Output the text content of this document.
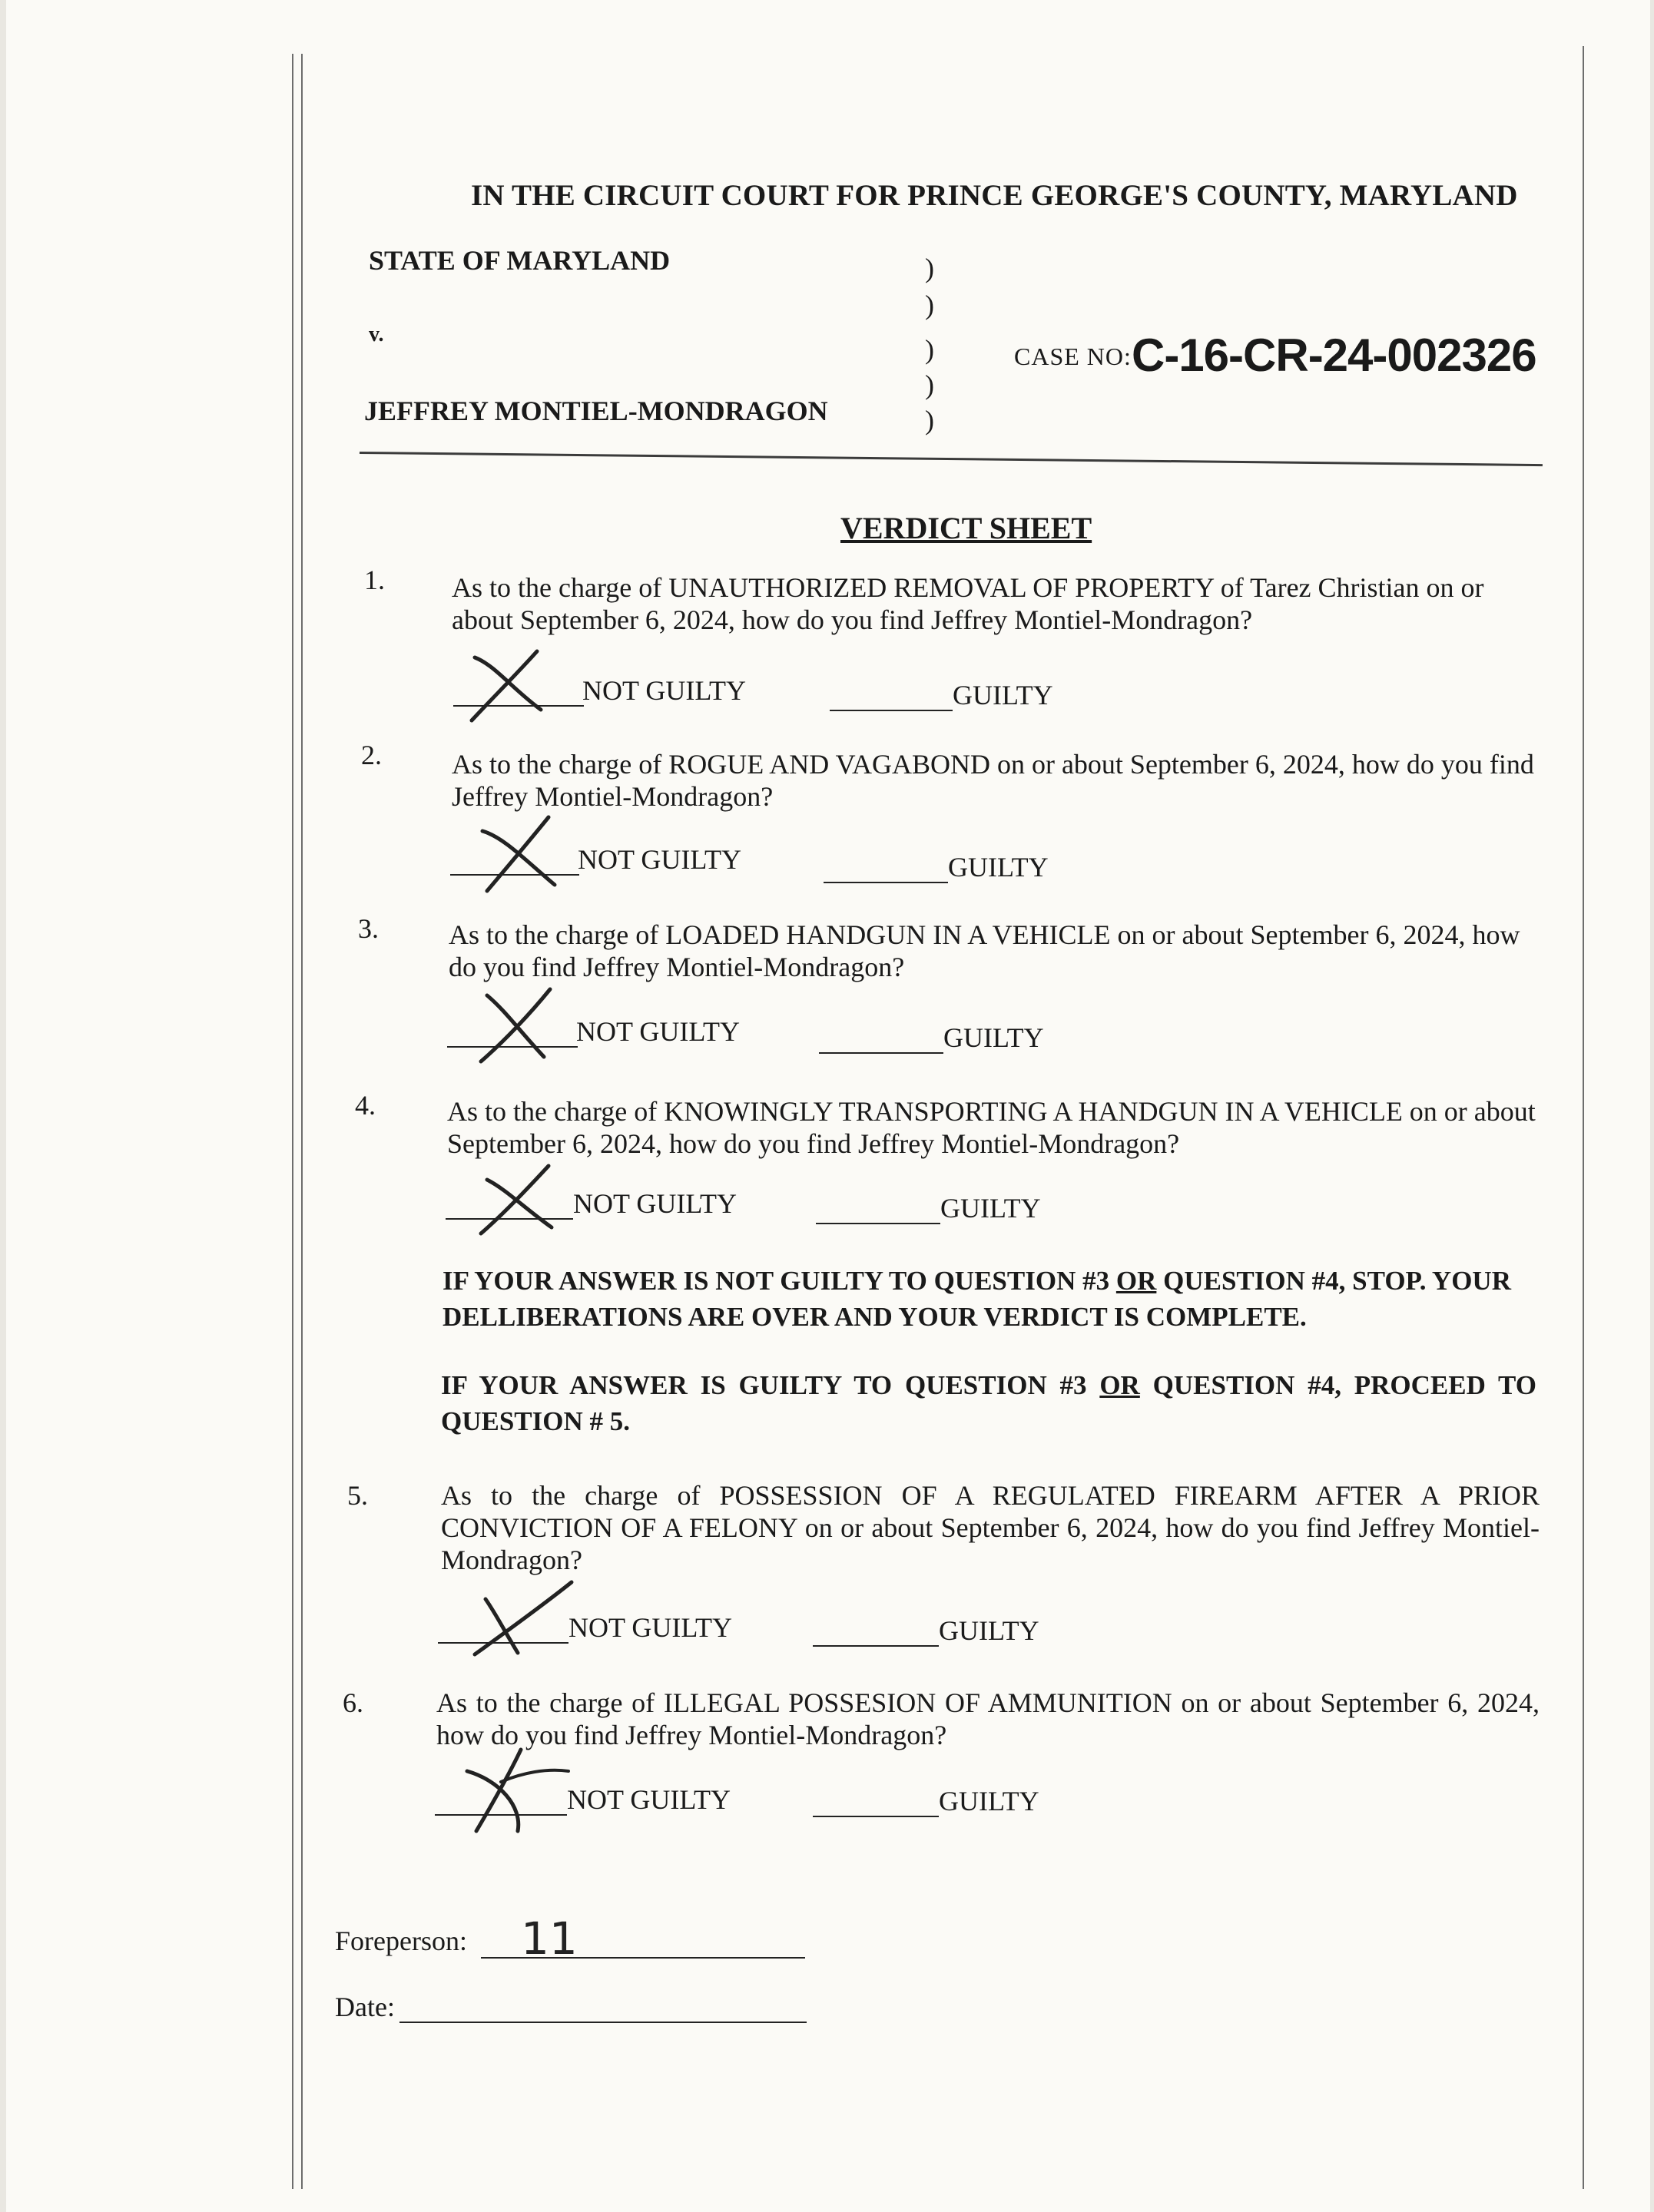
IN THE CIRCUIT COURT FOR PRINCE GEORGE'S COUNTY, MARYLAND
STATE OF MARYLAND
v.
JEFFREY MONTIEL-MONDRAGON
)
)
)
)
)
CASE NO: C-16-CR-24-002326
VERDICT SHEET
1. As to the charge of UNAUTHORIZED REMOVAL OF PROPERTY of Tarez Christian on or about September 6, 2024, how do you find Jeffrey Montiel-Mondragon?
NOT GUILTY	GUILTY
2.	As to the charge of ROGUE AND VAGABOND on or about September 6, 2024, how do you find Jeffrey Montiel-Mondragon?
NOT GUILTY	GUILTY
3.	As to the charge of LOADED HANDGUN IN A VEHICLE on or about September 6, 2024, how do you find Jeffrey Montiel-Mondragon?
NOT GUILTY	GUILTY
4.	As to the charge of KNOWINGLY TRANSPORTING A HANDGUN IN A VEHICLE on or about September 6, 2024, how do you find Jeffrey Montiel-Mondragon?
NOT GUILTY	GUILTY
IF YOUR ANSWER IS NOT GUILTY TO QUESTION #3 OR QUESTION #4, STOP. YOUR DELLIBERATIONS ARE OVER AND YOUR VERDICT IS COMPLETE.
IF YOUR ANSWER IS GUILTY TO QUESTION #3 OR QUESTION #4, PROCEED TO QUESTION # 5.
5.	As to the charge of POSSESSION OF A REGULATED FIREARM AFTER A PRIOR CONVICTION OF A FELONY on or about September 6, 2024, how do you find Jeffrey Montiel-Mondragon?
NOT GUILTY	GUILTY
6.	As to the charge of ILLEGAL POSSESION OF AMMUNITION on or about September 6, 2024, how do you find Jeffrey Montiel-Mondragon?
NOT GUILTY	GUILTY
Foreperson: 11
Date:
